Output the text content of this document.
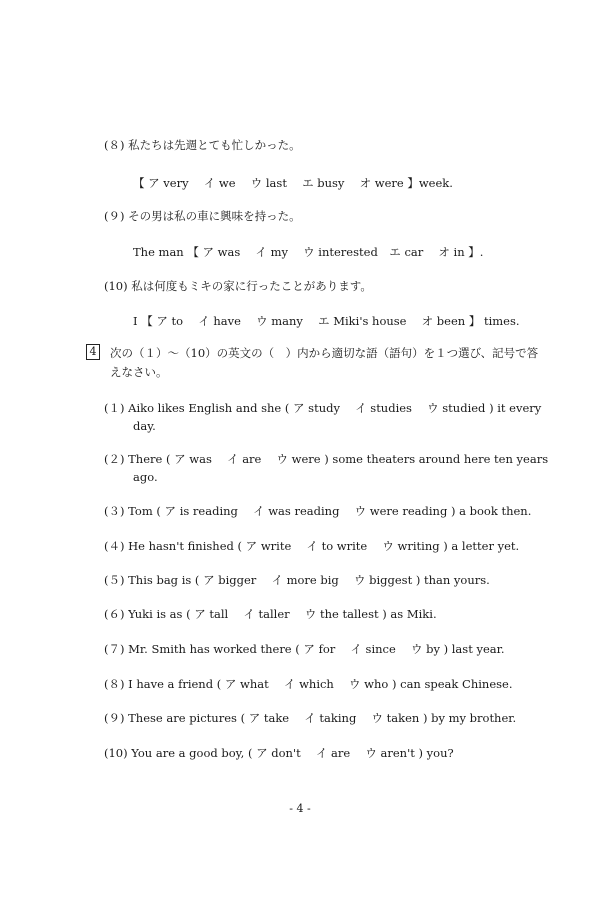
(８) 私たちは先週とても忙しかった。
【 ア very　 イ we　 ウ last　 エ busy　 オ were 】week.
(９) その男は私の車に興味を持った。
The man 【 ア was　 イ my　 ウ interested　エ car　 オ in 】.
(10) 私は何度もミキの家に行ったことがあります。
I 【 ア to　 イ have　 ウ many　 エ Miki's house　 オ been 】 times.
4	次の（１）～（10）の英文の（　）内から適切な語（語句）を１つ選び、記号で答
えなさい。
(１) Aiko likes English and she ( ア study　 イ studies　 ウ studied ) it every
day.
(２) There ( ア was　 イ are　 ウ were ) some theaters around here ten years
ago.
(３) Tom ( ア is reading　 イ was reading　 ウ were reading ) a book then.
(４) He hasn't finished ( ア write　 イ to write　 ウ writing ) a letter yet.
(５) This bag is ( ア bigger　 イ more big　 ウ biggest ) than yours.
(６) Yuki is as ( ア tall　 イ taller　 ウ the tallest ) as Miki.
(７) Mr. Smith has worked there ( ア for　 イ since　 ウ by ) last year.
(８) I have a friend ( ア what　 イ which　 ウ who ) can speak Chinese.
(９) These are pictures ( ア take　 イ taking　 ウ taken ) by my brother.
(10) You are a good boy, ( ア don't　 イ are　 ウ aren't ) you?
- 4 -
